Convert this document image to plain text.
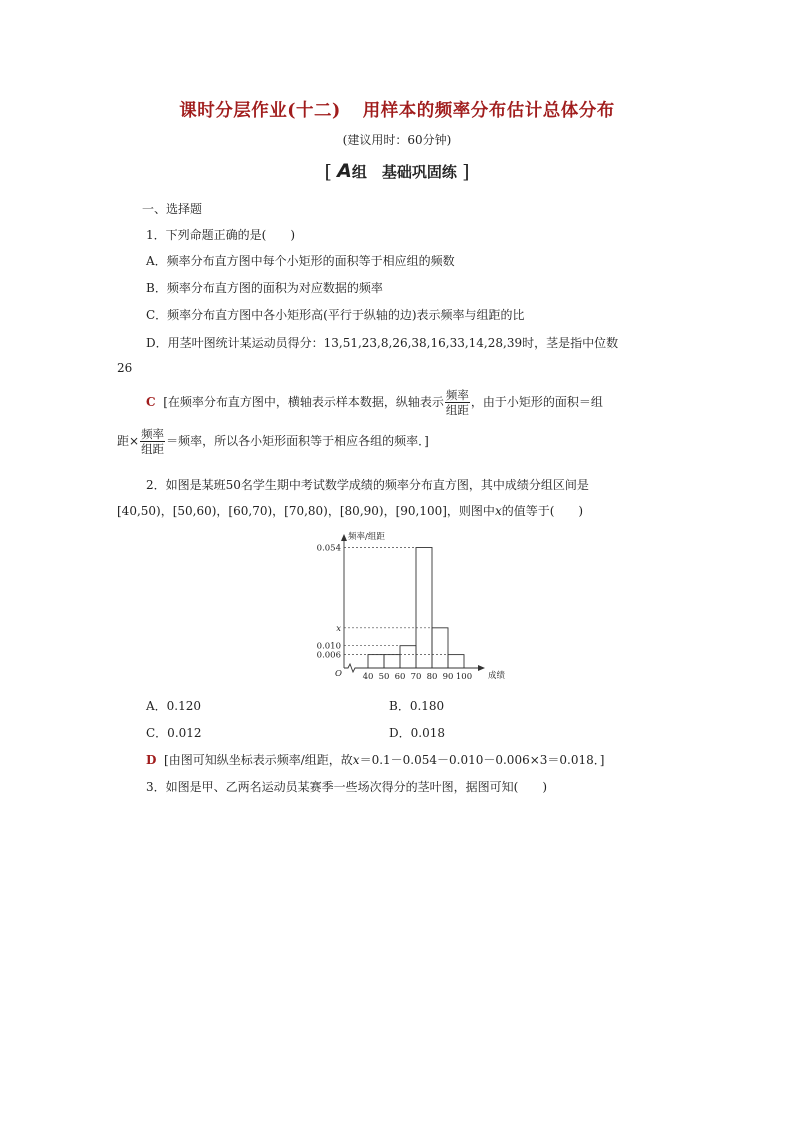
课时分层作业(十二) 用样本的频率分布估计总体分布
(建议用时：60分钟)
[ A组　基础巩固练 ]
一、选择题
1．下列命题正确的是(　　)
A．频率分布直方图中每个小矩形的面积等于相应组的频数
B．频率分布直方图的面积为对应数据的频率
C．频率分布直方图中各小矩形高(平行于纵轴的边)表示频率与组距的比
D．用茎叶图统计某运动员得分：13,51,23,8,26,38,16,33,14,28,39时，茎是指中位数
26
C [在频率分布直方图中，横轴表示样本数据，纵轴表示 $\frac{\text{频率}}{\text{组距}}$ ，由于小矩形的面积＝组
距× $\frac{\text{频率}}{\text{组距}}$ ＝频率，所以各小矩形面积等于相应各组的频率．]
2．如图是某班50名学生期中考试数学成绩的频率分布直方图，其中成绩分组区间是
[40,50)，[50,60)，[60,70)，[70,80)，[80,90)，[90,100]，则图中x的值等于(　　)
频率/组距
成绩
O 40 50 60 70 80 90 100
0.054
x
0.010
0.006
A．0.120	B．0.180
C．0.012	D．0.018
D [由图可知纵坐标表示频率/组距，故x＝0.1－0.054－0.010－0.006×3＝0.018．]
3．如图是甲、乙两名运动员某赛季一些场次得分的茎叶图，据图可知(　　)
